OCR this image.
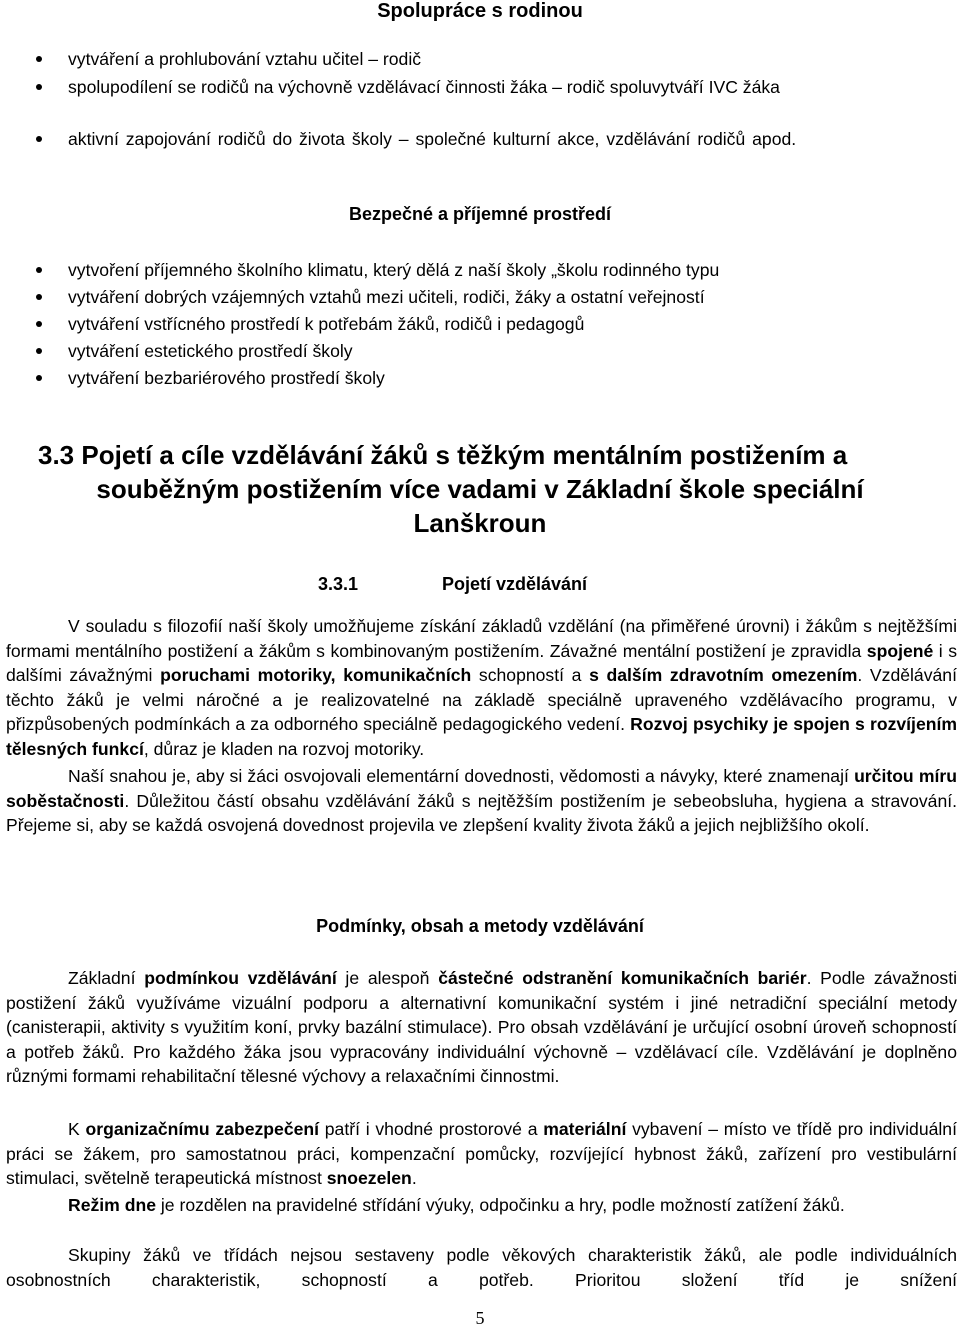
Spolupráce s rodinou
vytváření a prohlubování vztahu učitel – rodič
spolupodílení se rodičů na výchovně vzdělávací činnosti žáka – rodič spoluvytváří IVC žáka
aktivní zapojování rodičů do života školy – společné kulturní akce, vzdělávání rodičů apod.
Bezpečné a příjemné prostředí
vytvoření příjemného školního klimatu, který dělá z naší školy „školu rodinného typu
vytváření dobrých vzájemných vztahů mezi učiteli, rodiči, žáky a ostatní veřejností
vytváření vstřícného prostředí k potřebám žáků, rodičů i pedagogů
vytváření estetického prostředí školy
vytváření bezbariérového prostředí školy
3.3 Pojetí a cíle vzdělávání žáků s těžkým mentálním postižením a
souběžným postižením více vadami v Základní škole speciální
Lanškroun
3.3.1	Pojetí vzdělávání
V souladu s filozofií naší školy umožňujeme získání základů vzdělání (na přiměřené úrovni) i žákům s nejtěžšími formami mentálního postižení a žákům s kombinovaným postižením. Závažné mentální postižení je zpravidla spojené i s dalšími závažnými poruchami motoriky, komunikačních schopností a s dalším zdravotním omezením. Vzdělávání těchto žáků je velmi náročné a je realizovatelné na základě speciálně upraveného vzdělávacího programu, v přizpůsobených podmínkách a za odborného speciálně pedagogického vedení. Rozvoj psychiky je spojen s rozvíjením tělesných funkcí, důraz je kladen na rozvoj motoriky.
Naší snahou je, aby si žáci osvojovali elementární dovednosti, vědomosti a návyky, které znamenají určitou míru soběstačnosti. Důležitou částí obsahu vzdělávání žáků s nejtěžším postižením je sebeobsluha, hygiena a stravování. Přejeme si, aby se každá osvojená dovednost projevila ve zlepšení kvality života žáků a jejich nejbližšího okolí.
Podmínky, obsah a metody vzdělávání
Základní podmínkou vzdělávání je alespoň částečné odstranění komunikačních bariér. Podle závažnosti postižení žáků využíváme vizuální podporu a alternativní komunikační systém i jiné netradiční speciální metody (canisterapii, aktivity s využitím koní, prvky bazální stimulace). Pro obsah vzdělávání je určující osobní úroveň schopností a potřeb žáků. Pro každého žáka jsou vypracovány individuální výchovně – vzdělávací cíle. Vzdělávání je doplněno různými formami rehabilitační tělesné výchovy a relaxačními činnostmi.
K organizačnímu zabezpečení patří i vhodné prostorové a materiální vybavení – místo ve třídě pro individuální práci se žákem, pro samostatnou práci, kompenzační pomůcky, rozvíjející hybnost žáků, zařízení pro vestibulární stimulaci, světelně terapeutická místnost snoezelen.
Režim dne je rozdělen na pravidelné střídání výuky, odpočinku a hry, podle možností zatížení žáků.
Skupiny žáků ve třídách nejsou sestaveny podle věkových charakteristik žáků, ale podle individuálních osobnostních charakteristik, schopností a potřeb. Prioritou složení tříd je snížení
5
